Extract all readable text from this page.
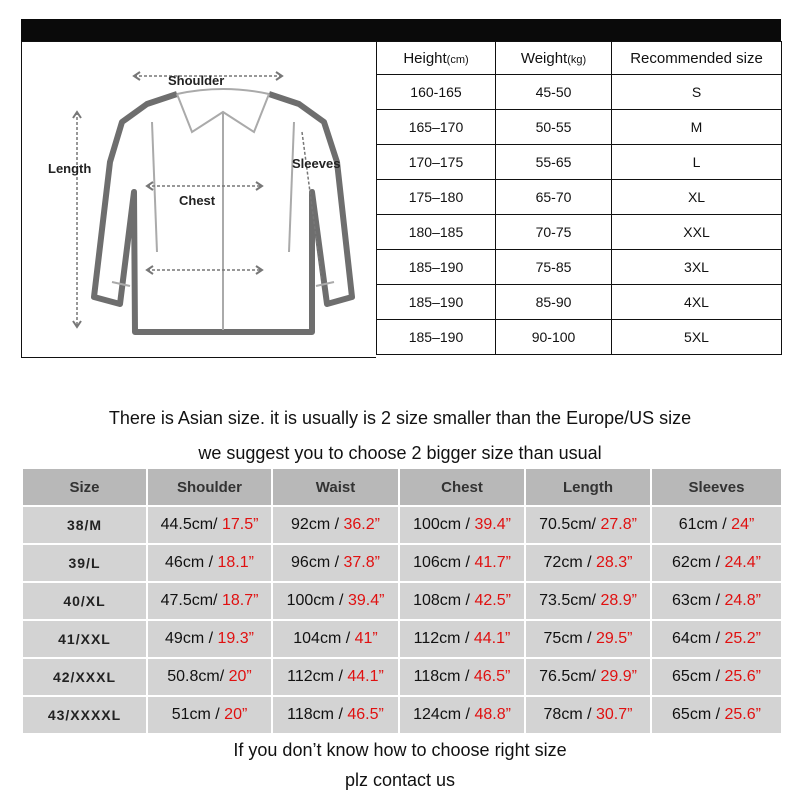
Shoulder
Length	Sleeves
Chest
Height(cm)	Weight(kg)	Recommended size
160-165	45-50	S
165–170	50-55	M
170–175	55-65	L
175–180	65-70	XL
180–185	70-75	XXL
185–190	75-85	3XL
185–190	85-90	4XL
185–190	90-100	5XL
There is Asian size. it is usually is 2 size smaller than the Europe/US size
we suggest you to choose 2 bigger size than usual
Size	Shoulder	Waist	Chest	Length	Sleeves
38/M	44.5cm/ 17.5”	92cm / 36.2”	100cm / 39.4”	70.5cm/ 27.8”	61cm / 24”
39/L	46cm / 18.1”	96cm / 37.8”	106cm / 41.7”	72cm / 28.3”	62cm / 24.4”
40/XL	47.5cm/ 18.7”	100cm / 39.4”	108cm / 42.5”	73.5cm/ 28.9”	63cm / 24.8”
41/XXL	49cm / 19.3”	104cm / 41”	112cm / 44.1”	75cm / 29.5”	64cm / 25.2”
42/XXXL	50.8cm/ 20”	112cm / 44.1”	118cm / 46.5”	76.5cm/ 29.9”	65cm / 25.6”
43/XXXXL	51cm / 20”	118cm / 46.5”	124cm / 48.8”	78cm / 30.7”	65cm / 25.6”
If you don’t know how to choose right size
plz contact us
